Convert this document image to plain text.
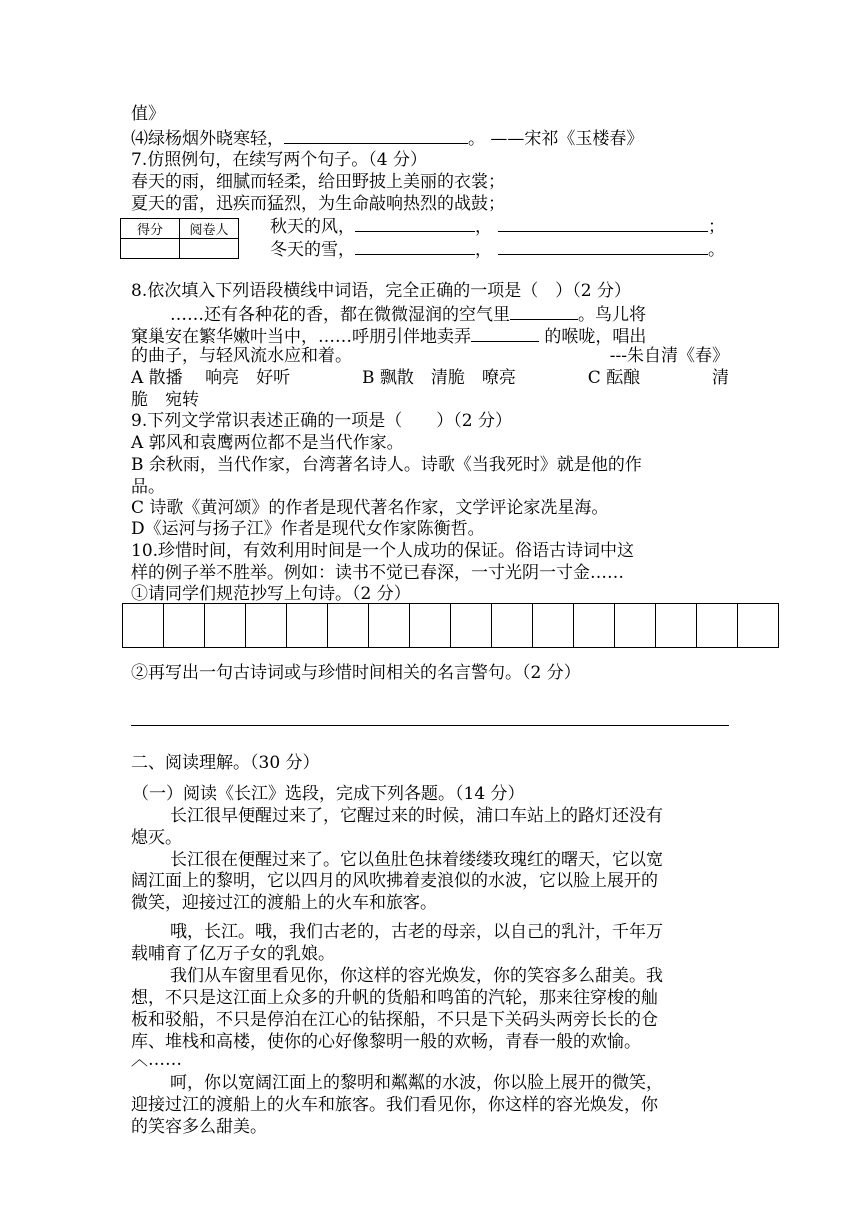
值》
⑷绿杨烟外晓寒轻，	。 ——宋祁《玉楼春》
7.仿照例句，在续写两个句子。（4 分）
春天的雨，细腻而轻柔，给田野披上美丽的衣裳；
夏天的雷，迅疾而猛烈，为生命敲响热烈的战鼓；
得分	阅卷人
	秋天的风，	，	；
冬天的雪，	，	。
8.依次填入下列语段横线中词语，完全正确的一项是（　）（2 分）
……还有各种花的香，都在微微湿润的空气里	。鸟儿将
窠巢安在繁华嫩叶当中，……呼朋引伴地卖弄	的喉咙，唱出
的曲子，与轻风流水应和着。	---朱自清《春》
A 散播　 响亮　好听	B 飘散　清脆　嘹亮	C 酝酿	清
脆　宛转
9.下列文学常识表述正确的一项是（　　）（2 分）
A 郭风和袁鹰两位都不是当代作家。
B 余秋雨，当代作家，台湾著名诗人。诗歌《当我死时》就是他的作
品。
C 诗歌《黄河颂》的作者是现代著名作家，文学评论家冼星海。
D《运河与扬子江》作者是现代女作家陈衡哲。
10.珍惜时间，有效利用时间是一个人成功的保证。俗语古诗词中这
样的例子举不胜举。例如：读书不觉已春深，一寸光阴一寸金……
①请同学们规范抄写上句诗。（2 分）

②再写出一句古诗词或与珍惜时间相关的名言警句。（2 分）
二、阅读理解。（30 分）
（一）阅读《长江》选段，完成下列各题。（14 分）
长江很早便醒过来了，它醒过来的时候，浦口车站上的路灯还没有
熄灭。
长江很在便醒过来了。它以鱼肚色抹着缕缕玫瑰红的曙天，它以宽
阔江面上的黎明，它以四月的风吹拂着麦浪似的水波，它以脸上展开的
微笑，迎接过江的渡船上的火车和旅客。
哦，长江。哦，我们古老的，古老的母亲，以自己的乳汁，千年万
载哺育了亿万子女的乳娘。
我们从车窗里看见你，你这样的容光焕发，你的笑容多么甜美。我
想，不只是这江面上众多的升帆的货船和鸣笛的汽轮，那来往穿梭的舢
板和驳船，不只是停泊在江心的钻探船，不只是下关码头两旁长长的仓
库、堆栈和高楼，使你的心好像黎明一般的欢畅，青春一般的欢愉。
︿……
呵，你以宽阔江面上的黎明和粼粼的水波，你以脸上展开的微笑，
迎接过江的渡船上的火车和旅客。我们看见你，你这样的容光焕发，你
的笑容多么甜美。
